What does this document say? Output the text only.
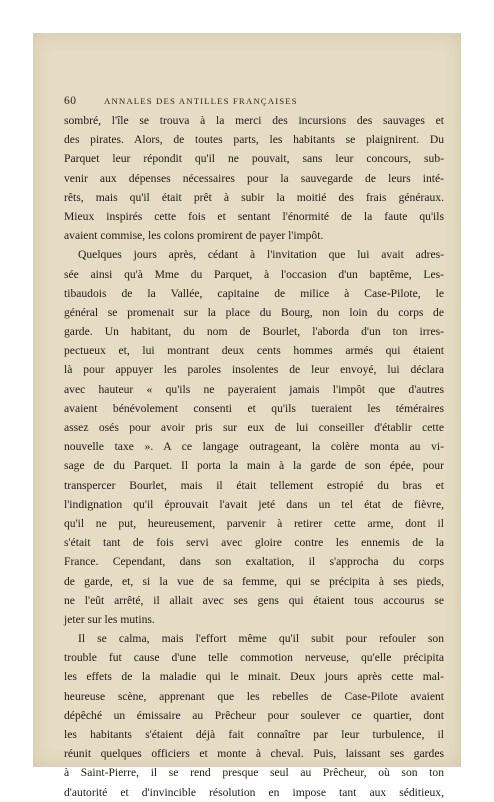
60	ANNALES DES ANTILLES FRANÇAISES

sombré, l'île se trouva à la merci des incursions des sauvages et
des pirates. Alors, de toutes parts, les habitants se plaignirent. Du
Parquet leur répondit qu'il ne pouvait, sans leur concours, sub-
venir aux dépenses nécessaires pour la sauvegarde de leurs inté-
rêts, mais qu'il était prêt à subir la moitié des frais généraux.
Mieux inspirés cette fois et sentant l'énormité de la faute qu'ils
avaient commise, les colons promirent de payer l'impôt.

Quelques jours après, cédant à l'invitation que lui avait adres-
sée ainsi qu'à Mme du Parquet, à l'occasion d'un baptême, Les-
tibaudois de la Vallée, capitaine de milice à Case-Pilote, le
général se promenait sur la place du Bourg, non loin du corps de
garde. Un habitant, du nom de Bourlet, l'aborda d'un ton irres-
pectueux et, lui montrant deux cents hommes armés qui étaient
là pour appuyer les paroles insolentes de leur envoyé, lui déclara
avec hauteur « qu'ils ne payeraient jamais l'impôt que d'autres
avaient bénévolement consenti et qu'ils tueraient les téméraires
assez osés pour avoir pris sur eux de lui conseiller d'établir cette
nouvelle taxe ». A ce langage outrageant, la colère monta au vi-
sage de du Parquet. Il porta la main à la garde de son épée, pour
transpercer Bourlet, mais il était tellement estropié du bras et
l'indignation qu'il éprouvait l'avait jeté dans un tel état de fièvre,
qu'il ne put, heureusement, parvenir à retirer cette arme, dont il
s'était tant de fois servi avec gloire contre les ennemis de la
France. Cependant, dans son exaltation, il s'approcha du corps
de garde, et, si la vue de sa femme, qui se précipita à ses pieds,
ne l'eût arrêté, il allait avec ses gens qui étaient tous accourus se
jeter sur les mutins.

Il se calma, mais l'effort même qu'il subit pour refouler son
trouble fut cause d'une telle commotion nerveuse, qu'elle précipita
les effets de la maladie qui le minait. Deux jours après cette mal-
heureuse scène, apprenant que les rebelles de Case-Pilote avaient
dépêché un émissaire au Prêcheur pour soulever ce quartier, dont
les habitants s'étaient déjà fait connaître par leur turbulence, il
réunit quelques officiers et monte à cheval. Puis, laissant ses gardes
à Saint-Pierre, il se rend presque seul au Prêcheur, où son ton
d'autorité et d'invincible résolution en impose tant aux séditieux,
